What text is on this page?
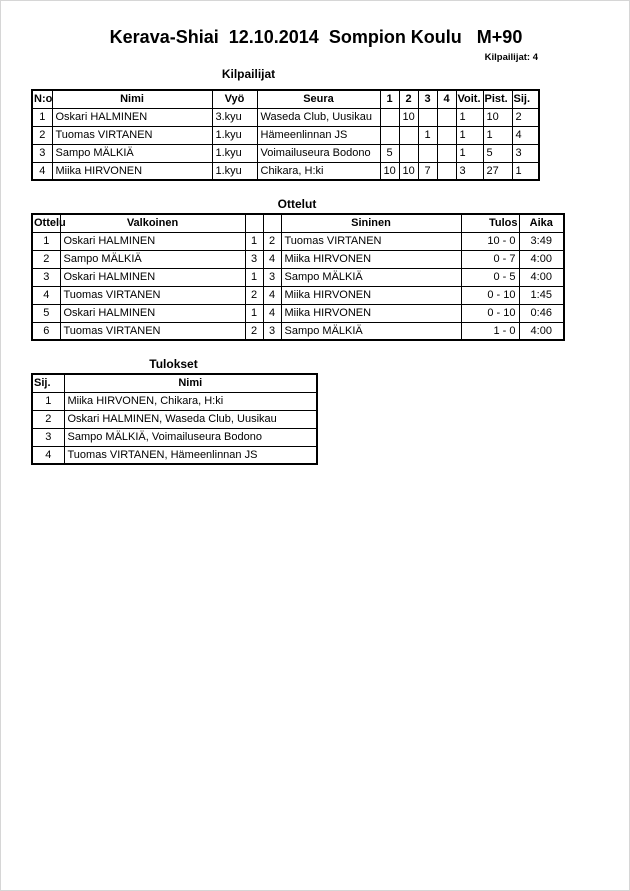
Kerava-Shiai  12.10.2014  Sompion Koulu   M+90
Kilpailijat: 4
Kilpailijat
N:o	Nimi	Vyö	Seura	1	2	3	4	Voit.	Pist.	Sij.
1	Oskari HALMINEN	3.kyu	Waseda Club, Uusikau		10			1	10	2
2	Tuomas VIRTANEN	1.kyu	Hämeenlinnan JS			1		1	1	4
3	Sampo MÄLKIÄ	1.kyu	Voimailuseura Bodono	5				1	5	3
4	Miika HIRVONEN	1.kyu	Chikara, H:ki	10	10	7		3	27	1
Ottelut
Ottelu	Valkoinen			Sininen	Tulos	Aika
1	Oskari HALMINEN	1	2	Tuomas VIRTANEN	10 - 0	3:49
2	Sampo MÄLKIÄ	3	4	Miika HIRVONEN	0 - 7	4:00
3	Oskari HALMINEN	1	3	Sampo MÄLKIÄ	0 - 5	4:00
4	Tuomas VIRTANEN	2	4	Miika HIRVONEN	0 - 10	1:45
5	Oskari HALMINEN	1	4	Miika HIRVONEN	0 - 10	0:46
6	Tuomas VIRTANEN	2	3	Sampo MÄLKIÄ	1 - 0	4:00
Tulokset
Sij.	Nimi
1	Miika HIRVONEN, Chikara, H:ki
2	Oskari HALMINEN, Waseda Club, Uusikau
3	Sampo MÄLKIÄ, Voimailuseura Bodono
4	Tuomas VIRTANEN, Hämeenlinnan JS
